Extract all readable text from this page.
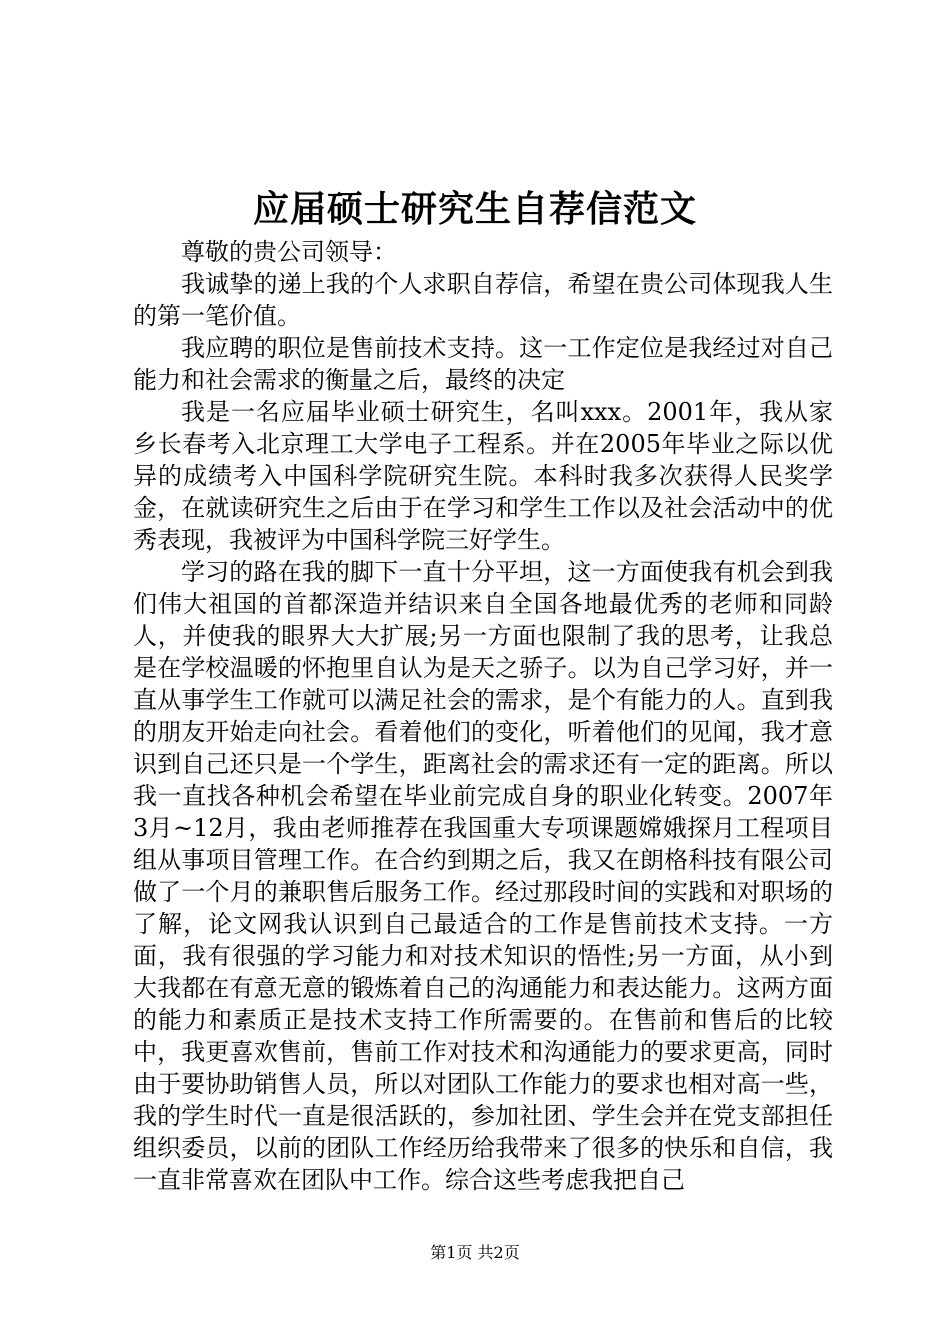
应届硕士研究生自荐信范文

尊敬的贵公司领导：

我诚挚的递上我的个人求职自荐信，希望在贵公司体现我人生的第一笔价值。

我应聘的职位是售前技术支持。这一工作定位是我经过对自己能力和社会需求的衡量之后，最终的决定

我是一名应届毕业硕士研究生，名叫xxx。2001年，我从家乡长春考入北京理工大学电子工程系。并在2005年毕业之际以优异的成绩考入中国科学院研究生院。本科时我多次获得人民奖学金，在就读研究生之后由于在学习和学生工作以及社会活动中的优秀表现，我被评为中国科学院三好学生。

学习的路在我的脚下一直十分平坦，这一方面使我有机会到我们伟大祖国的首都深造并结识来自全国各地最优秀的老师和同龄人，并使我的眼界大大扩展;另一方面也限制了我的思考，让我总是在学校温暖的怀抱里自认为是天之骄子。以为自己学习好，并一直从事学生工作就可以满足社会的需求，是个有能力的人。直到我的朋友开始走向社会。看着他们的变化，听着他们的见闻，我才意识到自己还只是一个学生，距离社会的需求还有一定的距离。所以我一直找各种机会希望在毕业前完成自身的职业化转变。2007年3月~12月，我由老师推荐在我国重大专项课题嫦娥探月工程项目组从事项目管理工作。在合约到期之后，我又在朗格科技有限公司做了一个月的兼职售后服务工作。经过那段时间的实践和对职场的了解，论文网我认识到自己最适合的工作是售前技术支持。一方面，我有很强的学习能力和对技术知识的悟性;另一方面，从小到大我都在有意无意的锻炼着自己的沟通能力和表达能力。这两方面的能力和素质正是技术支持工作所需要的。在售前和售后的比较中，我更喜欢售前，售前工作对技术和沟通能力的要求更高，同时由于要协助销售人员，所以对团队工作能力的要求也相对高一些，我的学生时代一直是很活跃的，参加社团、学生会并在党支部担任组织委员，以前的团队工作经历给我带来了很多的快乐和自信，我一直非常喜欢在团队中工作。综合这些考虑我把自己

第1页 共2页
